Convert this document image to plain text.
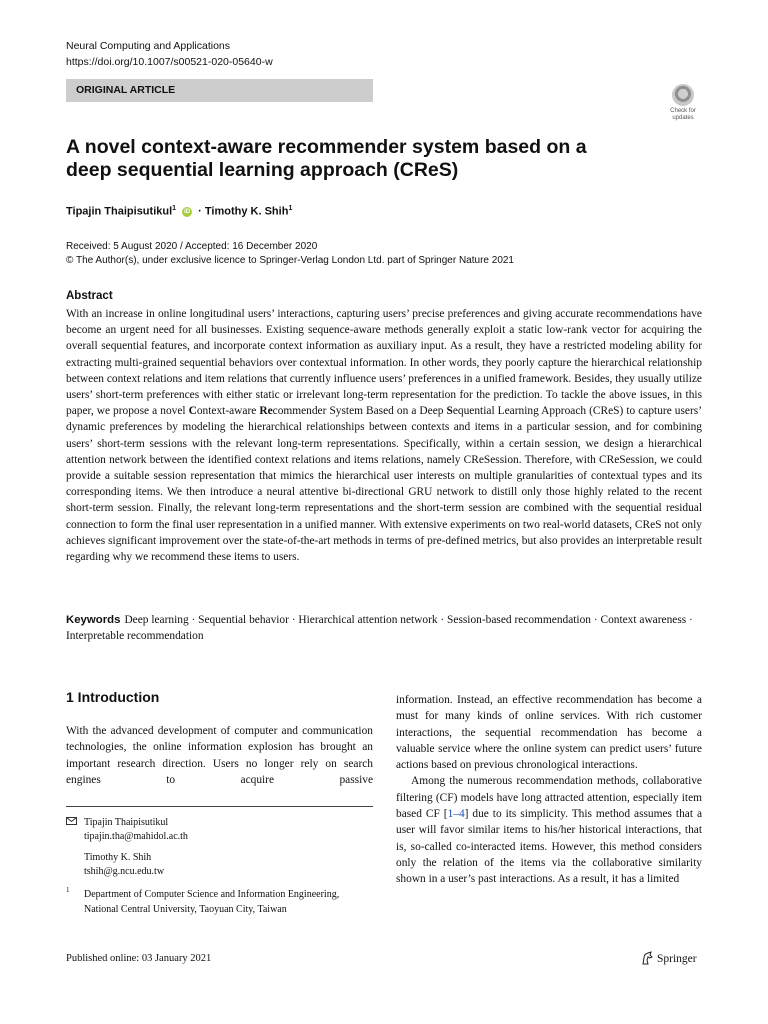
Neural Computing and Applications
https://doi.org/10.1007/s00521-020-05640-w
ORIGINAL ARTICLE
Check for updates
A novel context-aware recommender system based on a deep sequential learning approach (CReS)
Tipajin Thaipisutikul$^1$ iD · Timothy K. Shih$^1$
Received: 5 August 2020 / Accepted: 16 December 2020
© The Author(s), under exclusive licence to Springer-Verlag London Ltd. part of Springer Nature 2021
Abstract
With an increase in online longitudinal users’ interactions, capturing users’ precise preferences and giving accurate recommendations have become an urgent need for all businesses. Existing sequence-aware methods generally exploit a static low-rank vector for acquiring the overall sequential features, and incorporate context information as auxiliary input. As a result, they have a restricted modeling ability for extracting multi-grained sequential behaviors over contextual information. In other words, they poorly capture the hierarchical relationship between context relations and item relations that currently influence users’ preferences in a unified framework. Besides, they usually utilize users’ short-term preferences with either static or irrelevant long-term representation for the prediction. To tackle the above issues, in this paper, we propose a novel Context-aware Recommender System Based on a Deep Sequential Learning Approach (CReS) to capture users’ dynamic preferences by modeling the hierarchical relationships between contexts and items in a particular session, and for combining users’ short-term sessions with the relevant long-term representations. Specifically, within a certain session, we design a hierarchical attention network between the identified context relations and items relations, namely CReSession. Therefore, with CReSession, we could provide a suitable session representation that mimics the hierarchical user interests on multiple granularities of contextual types and its corresponding items. We then introduce a neural attentive bi-directional GRU network to distill only those highly related to the recent short-term session. Finally, the relevant long-term representations and the short-term session are combined with the sequential residual connection to form the final user representation in a unified manner. With extensive experiments on two real-world datasets, CReS not only achieves significant improvement over the state-of-the-art methods in terms of pre-defined metrics, but also provides an interpretable result regarding why we recommend these items to users.
Keywords Deep learning · Sequential behavior · Hierarchical attention network · Session-based recommendation · Context awareness · Interpretable recommendation
1 Introduction
With the advanced development of computer and communication technologies, the online information explosion has brought an important research direction. Users no longer rely on search engines to acquire passive
Tipajin Thaipisutikul
tipajin.tha@mahidol.ac.th
Timothy K. Shih
tshih@g.ncu.edu.tw
1 Department of Computer Science and Information Engineering, National Central University, Taoyuan City, Taiwan

information. Instead, an effective recommendation has become a must for many kinds of online services. With rich customer interactions, the sequential recommendation has become a valuable service where the online system can predict users’ future actions based on previous chronological interactions.

Among the numerous recommendation methods, collaborative filtering (CF) models have long attracted attention, especially item based CF [1–4] due to its simplicity. This method assumes that a user will favor similar items to his/her historical interactions, that is, so-called co-interacted items. However, this method considers only the relation of the items via the collaborative similarity shown in a user’s past interactions. As a result, it has a limited

Published online: 03 January 2021	Springer
